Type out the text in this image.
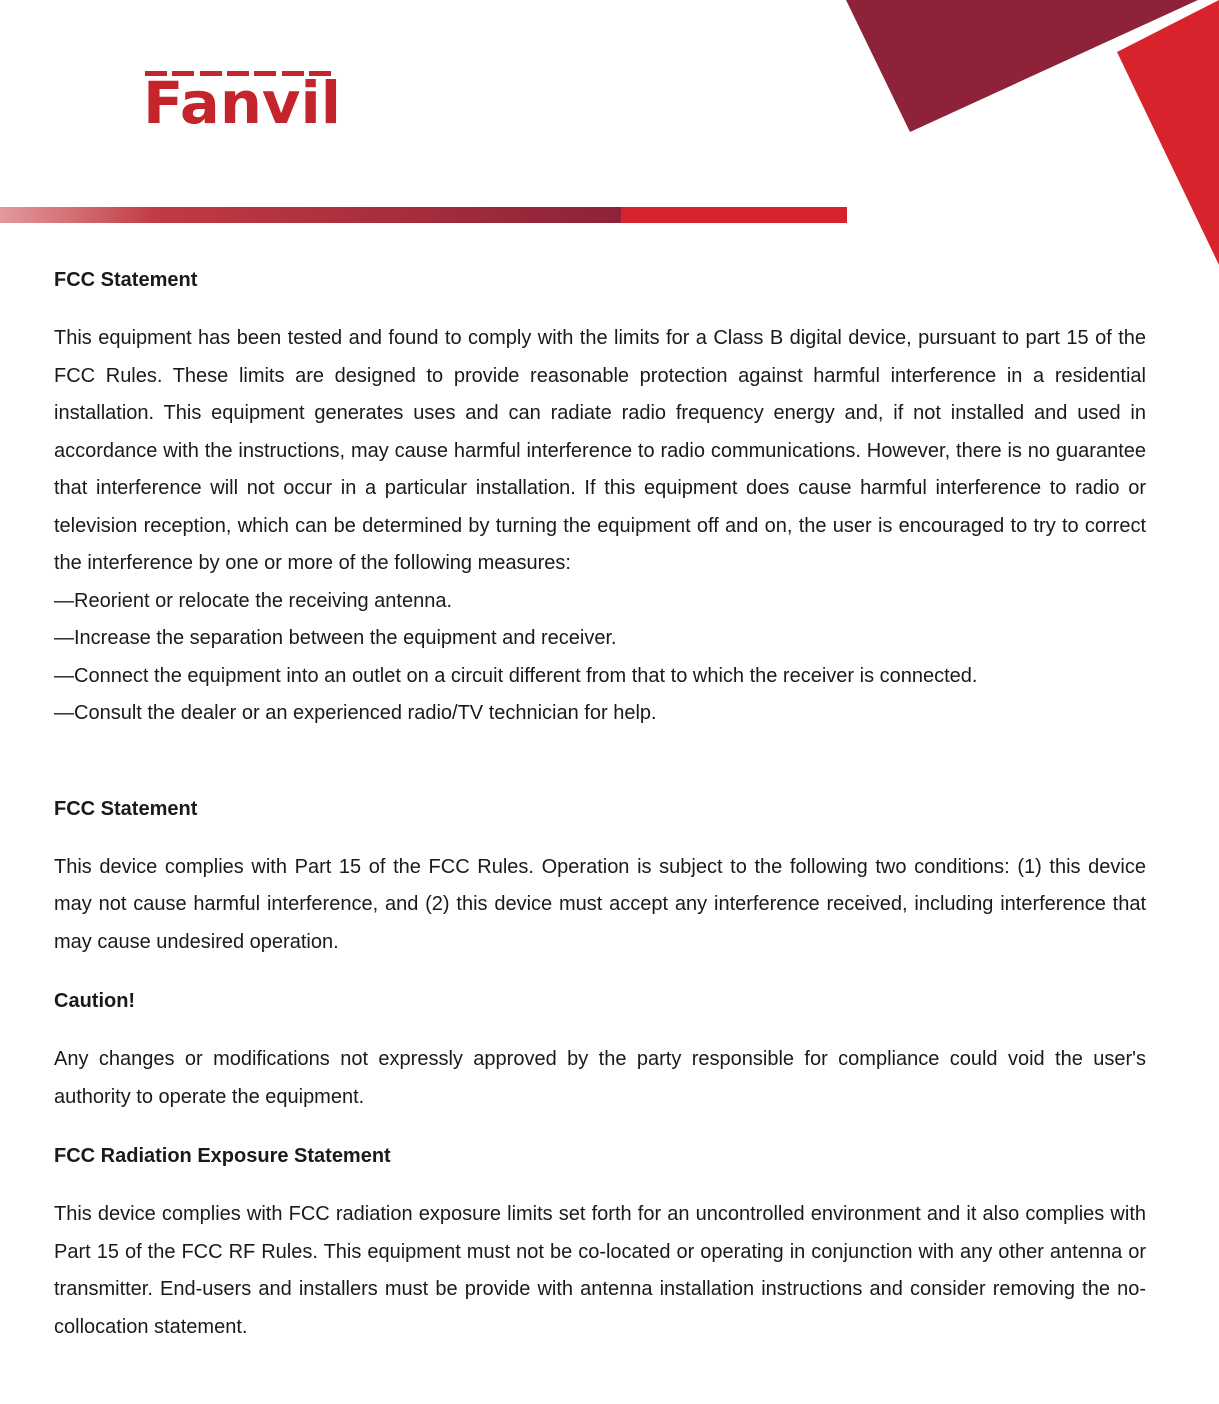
Fanvil
FCC Statement

This equipment has been tested and found to comply with the limits for a Class B digital device, pursuant to part 15 of the FCC Rules. These limits are designed to provide reasonable protection against harmful interference in a residential installation. This equipment generates uses and can radiate radio frequency energy and, if not installed and used in accordance with the instructions, may cause harmful interference to radio communications. However, there is no guarantee that interference will not occur in a particular installation. If this equipment does cause harmful interference to radio or television reception, which can be determined by turning the equipment off and on, the user is encouraged to try to correct the interference by one or more of the following measures:

—Reorient or relocate the receiving antenna.

—Increase the separation between the equipment and receiver.

—Connect the equipment into an outlet on a circuit different from that to which the receiver is connected.

—Consult the dealer or an experienced radio/TV technician for help.

FCC Statement

This device complies with Part 15 of the FCC Rules. Operation is subject to the following two conditions: (1) this device may not cause harmful interference, and (2) this device must accept any interference received, including interference that may cause undesired operation.

Caution!

Any changes or modifications not expressly approved by the party responsible for compliance could void the user's authority to operate the equipment.

FCC Radiation Exposure Statement

This device complies with FCC radiation exposure limits set forth for an uncontrolled environment and it also complies with Part 15 of the FCC RF Rules. This equipment must not be co-located or operating in conjunction with any other antenna or transmitter. End-users and installers must be provide with antenna installation instructions and consider removing the no-collocation statement.
